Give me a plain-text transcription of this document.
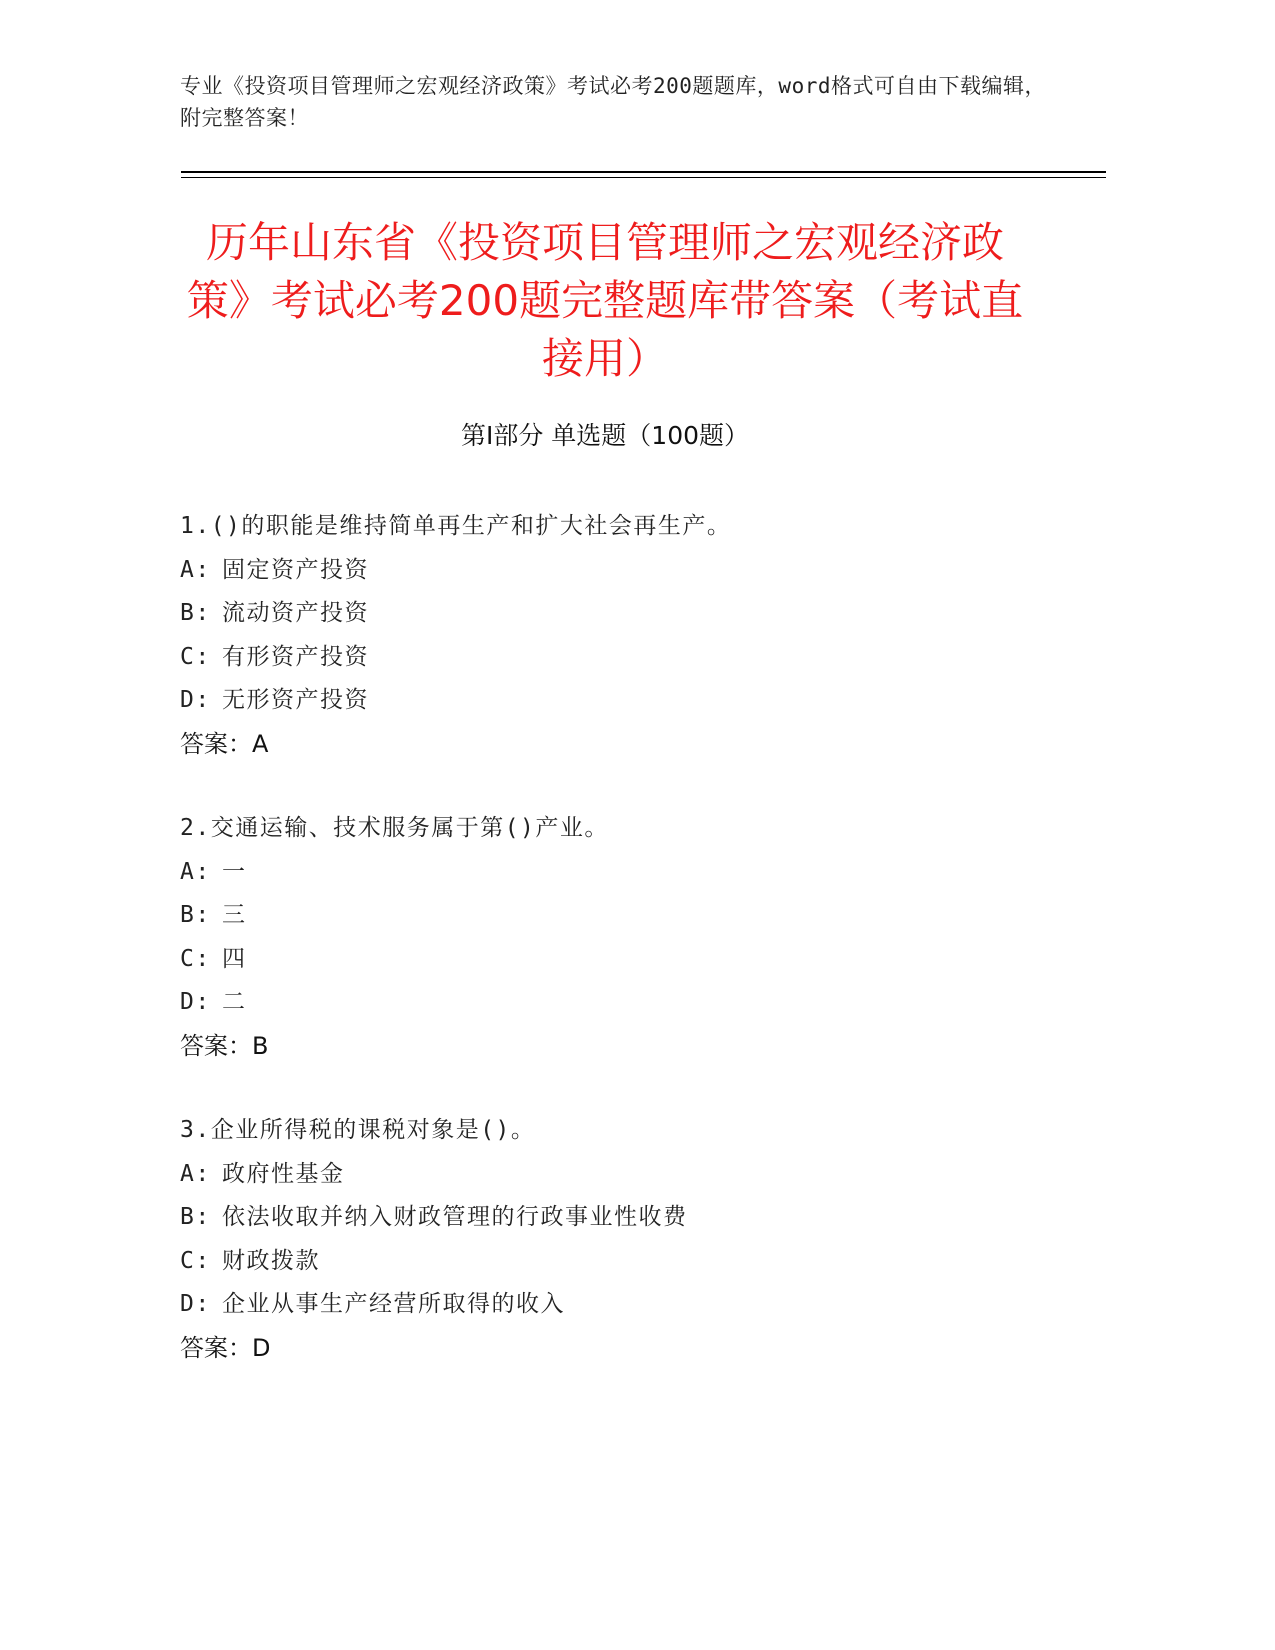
专业《投资项目管理师之宏观经济政策》考试必考200题题库，word格式可自由下载编辑，附完整答案！
历年山东省《投资项目管理师之宏观经济政策》考试必考200题完整题库带答案（考试直接用）
第Ⅰ部分 单选题（100题）
1.()的职能是维持简单再生产和扩大社会再生产。
A: 固定资产投资
B: 流动资产投资
C: 有形资产投资
D: 无形资产投资
答案：A
2.交通运输、技术服务属于第()产业。
A: 一
B: 三
C: 四
D: 二
答案：B
3.企业所得税的课税对象是()。
A: 政府性基金
B: 依法收取并纳入财政管理的行政事业性收费
C: 财政拨款
D: 企业从事生产经营所取得的收入
答案：D
